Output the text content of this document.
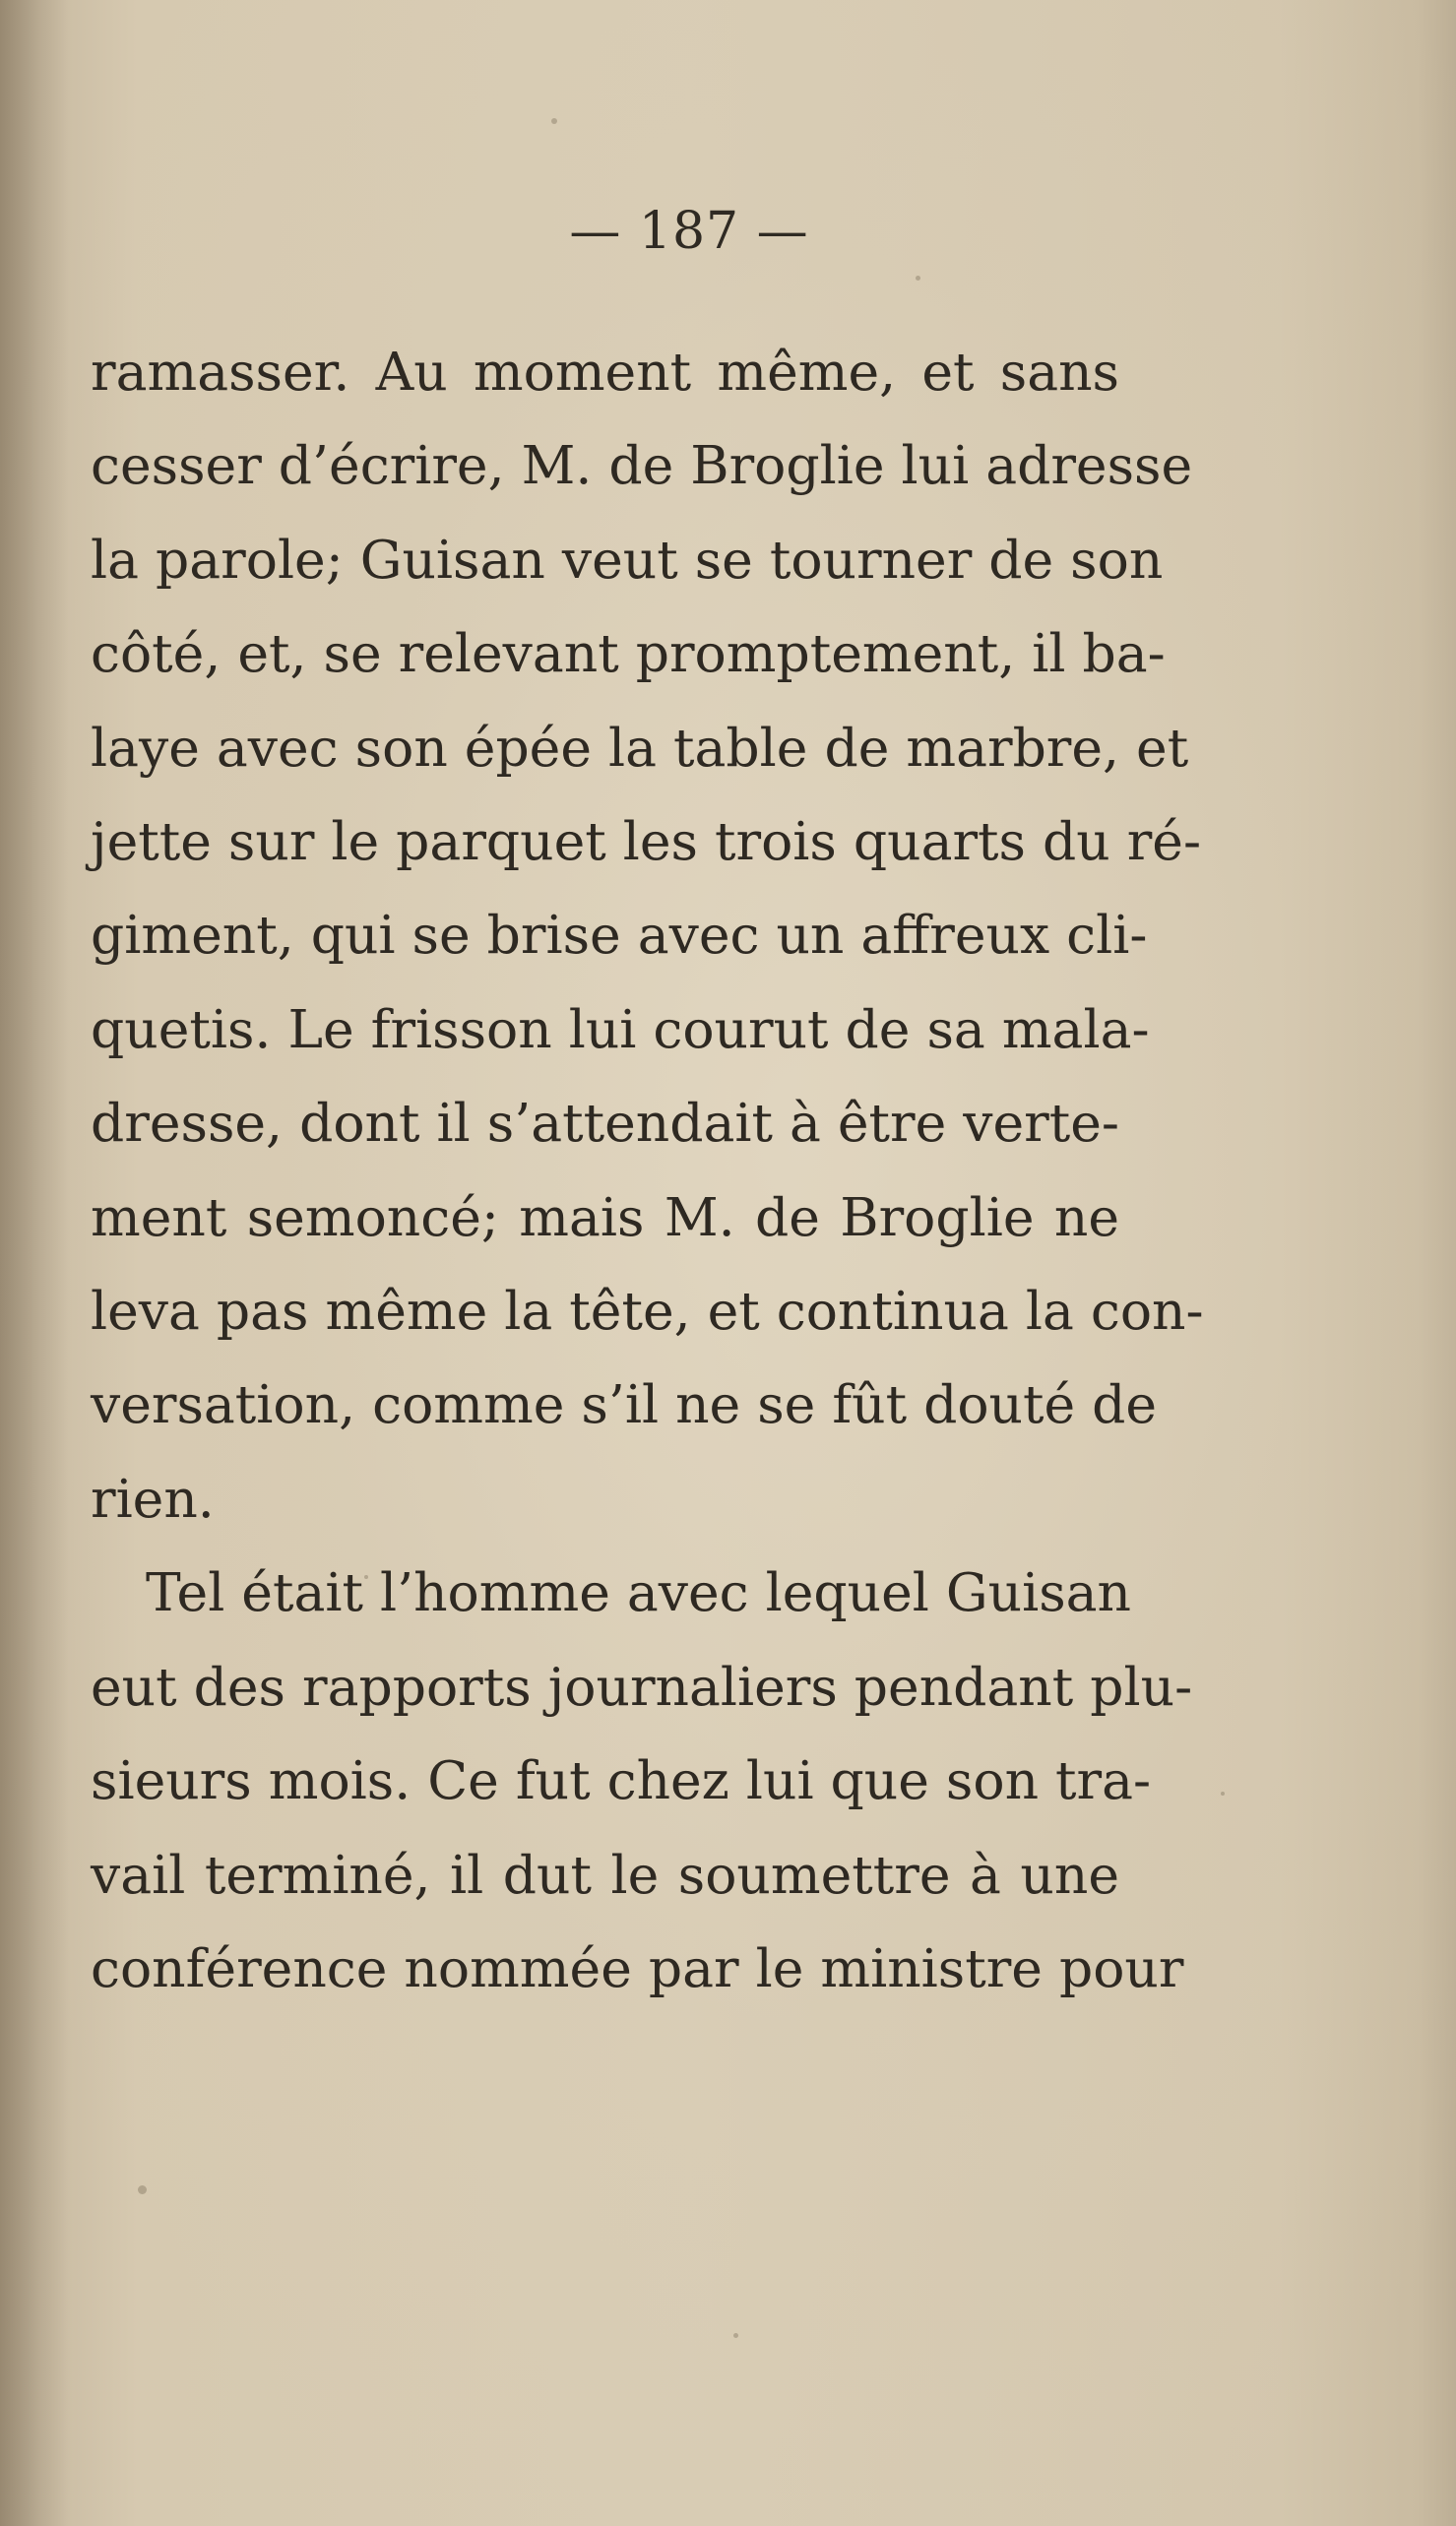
— 187 —
ramasser. Au moment même, et sans
cesser d’écrire, M. de Broglie lui adresse
la parole; Guisan veut se tourner de son
côté, et, se relevant promptement, il ba-
laye avec son épée la table de marbre, et
jette sur le parquet les trois quarts du ré-
giment, qui se brise avec un affreux cli-
quetis. Le frisson lui courut de sa mala-
dresse, dont il s’attendait à être verte-
ment semoncé; mais M. de Broglie ne
leva pas même la tête, et continua la con-
versation, comme s’il ne se fût douté de
rien.
Tel était l’homme avec lequel Guisan
eut des rapports journaliers pendant plu-
sieurs mois. Ce fut chez lui que son tra-
vail terminé, il dut le soumettre à une
conférence nommée par le ministre pour
